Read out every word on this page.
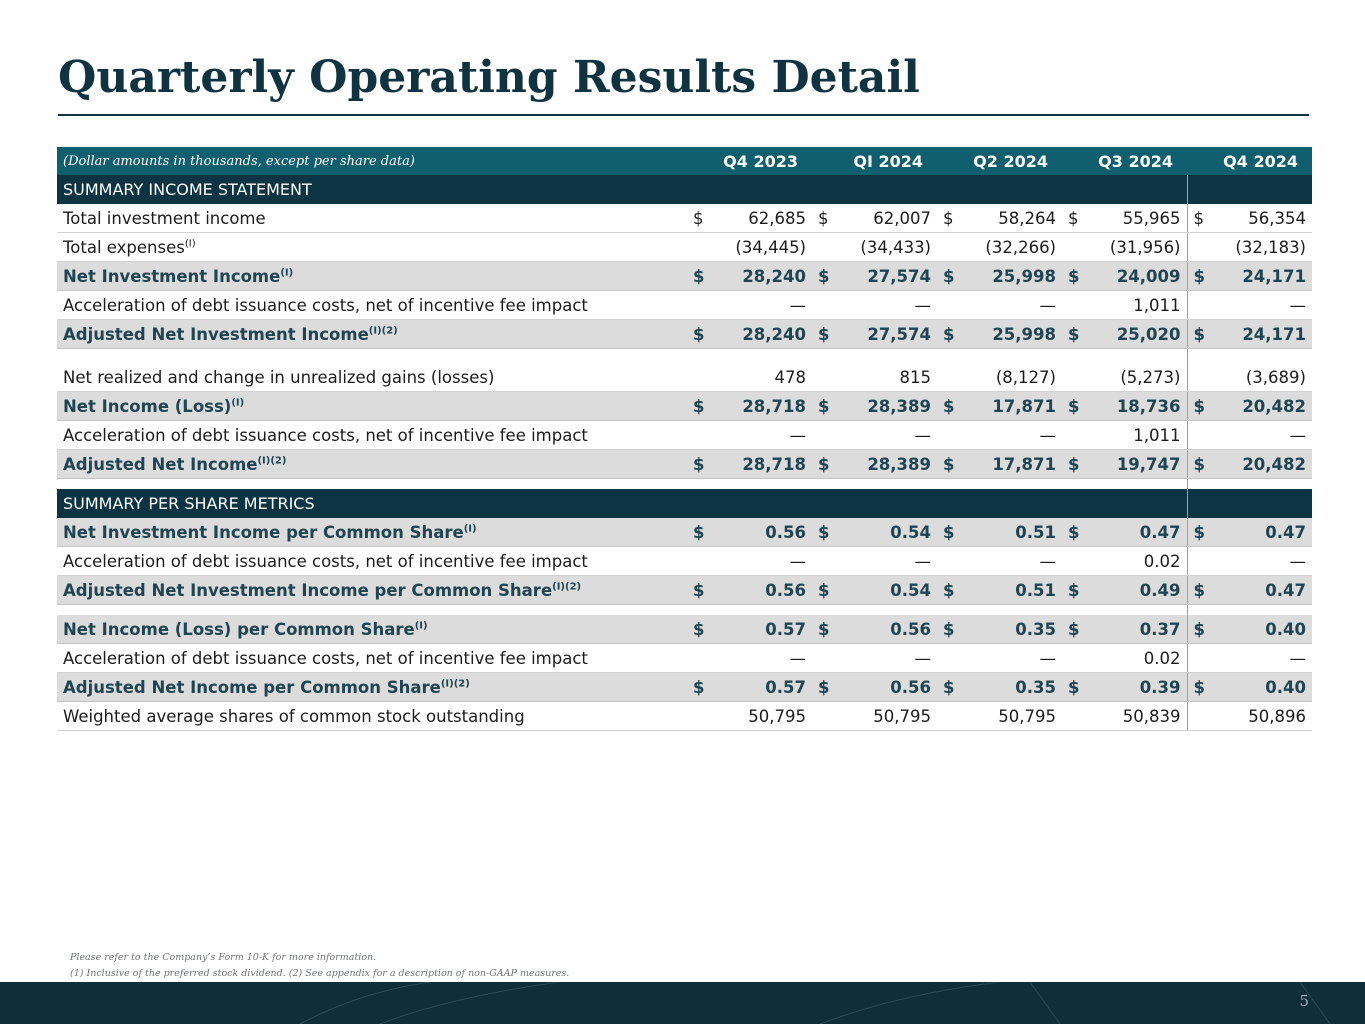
Quarterly Operating Results Detail
(Dollar amounts in thousands, except per share data)	Q4 2023		QI 2024		Q2 2024		Q3 2024		Q4 2024	
SUMMARY INCOME STATEMENT										
Total investment income	$	62,685	$	62,007	$	58,264	$	55,965	$	56,354
Total expenses$^{(I)}$		(34,445)		(34,433)		(32,266)		(31,956)		(32,183)
Net Investment Income$^{(I)}$	$	28,240	$	27,574	$	25,998	$	24,009	$	24,171
Acceleration of debt issuance costs, net of incentive fee impact		—		—		—		1,011		—
Adjusted Net Investment Income$^{(I)(2)}$	$	28,240	$	27,574	$	25,998	$	25,020	$	24,171
Net realized and change in unrealized gains (losses)		478		815		(8,127)		(5,273)		(3,689)
Net Income (Loss)$^{(I)}$	$	28,718	$	28,389	$	17,871	$	18,736	$	20,482
Acceleration of debt issuance costs, net of incentive fee impact		—		—		—		1,011		—
Adjusted Net Income$^{(I)(2)}$	$	28,718	$	28,389	$	17,871	$	19,747	$	20,482

SUMMARY PER SHARE METRICS										
Net Investment Income per Common Share$^{(I)}$	$	0.56	$	0.54	$	0.51	$	0.47	$	0.47
Acceleration of debt issuance costs, net of incentive fee impact		—		—		—		0.02		—
Adjusted Net Investment Income per Common Share$^{(I)(2)}$	$	0.56	$	0.54	$	0.51	$	0.49	$	0.47

Net Income (Loss) per Common Share$^{(I)}$	$	0.57	$	0.56	$	0.35	$	0.37	$	0.40
Acceleration of debt issuance costs, net of incentive fee impact		—		—		—		0.02		—
Adjusted Net Income per Common Share$^{(I)(2)}$	$	0.57	$	0.56	$	0.35	$	0.39	$	0.40
Weighted average shares of common stock outstanding		50,795		50,795		50,795		50,839		50,896
Please refer to the Company’s Form 10-K for more information.
(1) Inclusive of the preferred stock dividend. (2) See appendix for a description of non-GAAP measures.
5
